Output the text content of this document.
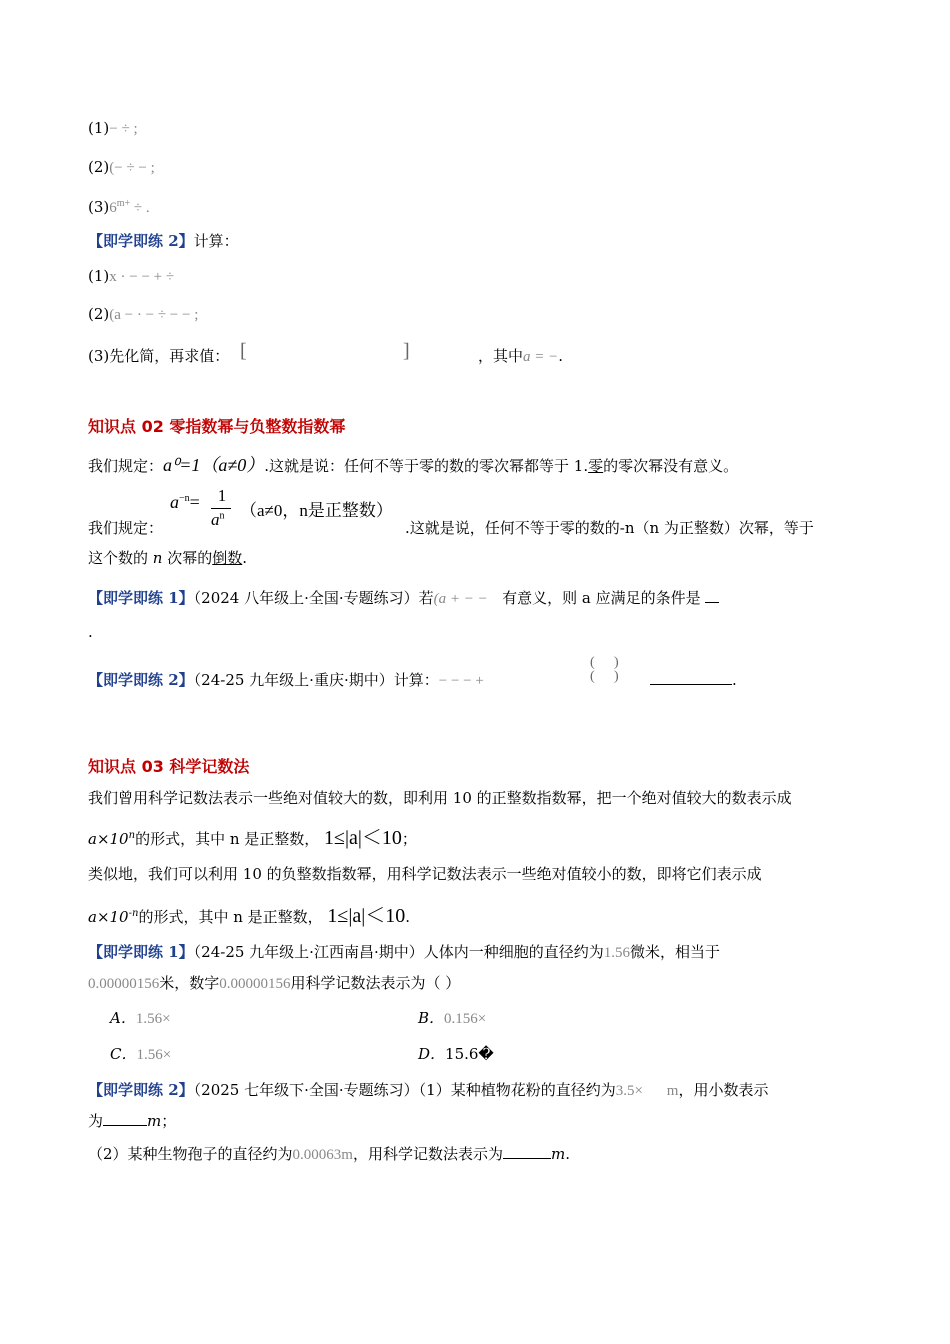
(1)− ÷ ;
(2)(− ÷ − ;
$(3)6^{m+}$ ÷ .
【即学即练 2】计算：
(1)x · − − + ÷
(2)(a − · − ÷ − − ;
(3)先化简，再求值： [	]	，其中a = −.
知识点 02 零指数幂与负整数指数幂
我们规定：a⁰=1（a≠0）.这就是说：任何不等于零的数的零次幂都等于 1.零的零次幂没有意义。
$a^{-n}= 1$
$a^n$ （a≠0，n是正整数）
我们规定：	.这就是说，任何不等于零的数的-n（n 为正整数）次幂，等于
这个数的 n 次幂的倒数.
【即学即练 1】（2024 八年级上·全国·专题练习）若(a + − − 有意义，则 a 应满足的条件是
.
【即学即练 2】（24-25 九年级上·重庆·期中）计算：− − − +
(
(
)
)	.
知识点 03 科学记数法
我们曾用科学记数法表示一些绝对值较大的数，即利用 10 的正整数指数幂，把一个绝对值较大的数表示成
$a\times 10^n$的形式，其中 n 是正整数， 1≤|a|＜10；
类似地，我们可以利用 10 的负整数指数幂，用科学记数法表示一些绝对值较小的数，即将它们表示成
$a\times 10^{-n}$的形式，其中 n 是正整数， 1≤|a|＜10.
【即学即练 1】（24-25 九年级上·江西南昌·期中）人体内一种细胞的直径约为1.56微米，相当于
0.00000156米，数字0.00000156用科学记数法表示为（ ）
A．1.56×	B．0.156×
C．1.56×	D．15.6�
【即学即练 2】（2025 七年级下·全国·专题练习）（1）某种植物花粉的直径约为3.5× m，用小数表示
为	m；
（2）某种生物孢子的直径约为0.00063m，用科学记数法表示为	m.
